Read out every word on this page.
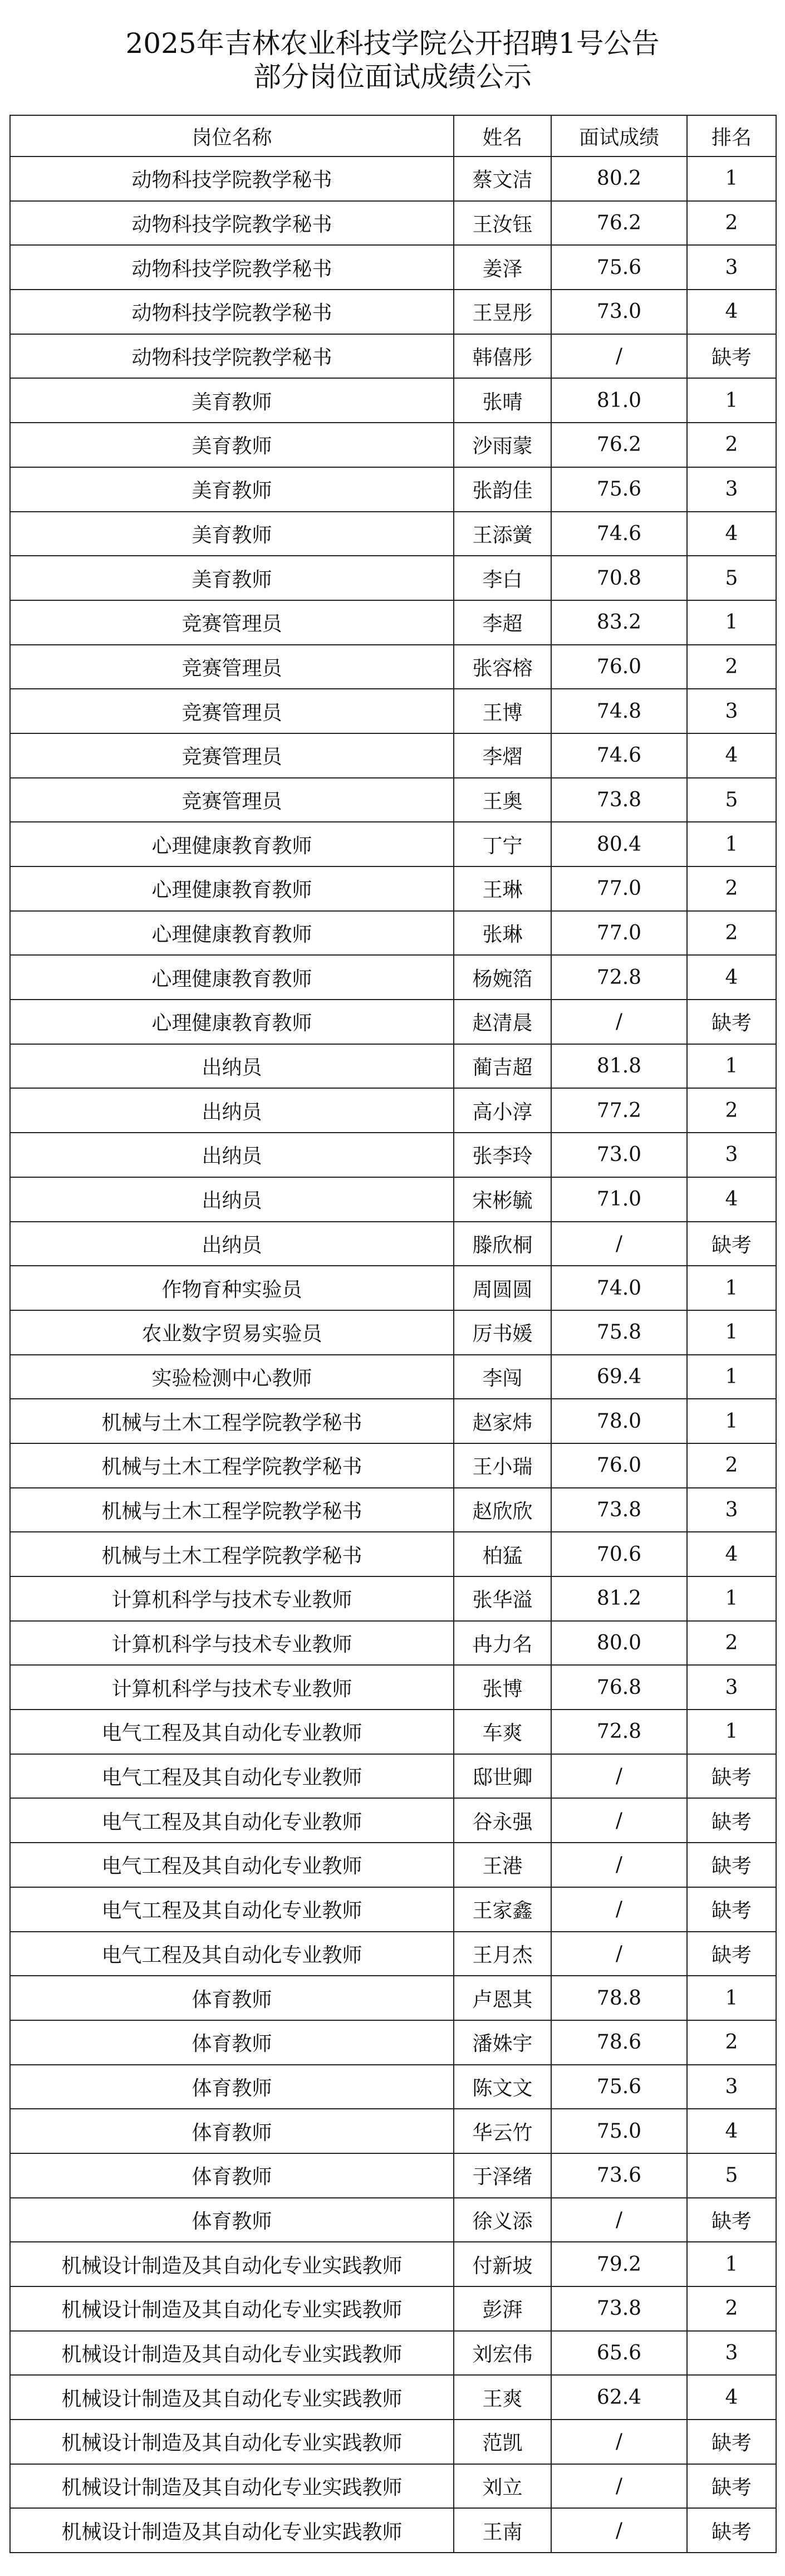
2025年吉林农业科技学院公开招聘1号公告
部分岗位面试成绩公示
岗位名称	姓名	面试成绩	排名
动物科技学院教学秘书	蔡文洁	80.2	1
动物科技学院教学秘书	王汝钰	76.2	2
动物科技学院教学秘书	姜泽	75.6	3
动物科技学院教学秘书	王昱彤	73.0	4
动物科技学院教学秘书	韩僖彤	/	缺考
美育教师	张晴	81.0	1
美育教师	沙雨蒙	76.2	2
美育教师	张韵佳	75.6	3
美育教师	王添黉	74.6	4
美育教师	李白	70.8	5
竞赛管理员	李超	83.2	1
竞赛管理员	张容榕	76.0	2
竞赛管理员	王博	74.8	3
竞赛管理员	李熠	74.6	4
竞赛管理员	王奥	73.8	5
心理健康教育教师	丁宁	80.4	1
心理健康教育教师	王琳	77.0	2
心理健康教育教师	张琳	77.0	2
心理健康教育教师	杨婉箔	72.8	4
心理健康教育教师	赵清晨	/	缺考
出纳员	蔺吉超	81.8	1
出纳员	高小淳	77.2	2
出纳员	张李玲	73.0	3
出纳员	宋彬毓	71.0	4
出纳员	滕欣桐	/	缺考
作物育种实验员	周圆圆	74.0	1
农业数字贸易实验员	厉书媛	75.8	1
实验检测中心教师	李闯	69.4	1
机械与土木工程学院教学秘书	赵家炜	78.0	1
机械与土木工程学院教学秘书	王小瑞	76.0	2
机械与土木工程学院教学秘书	赵欣欣	73.8	3
机械与土木工程学院教学秘书	柏猛	70.6	4
计算机科学与技术专业教师	张华溢	81.2	1
计算机科学与技术专业教师	冉力名	80.0	2
计算机科学与技术专业教师	张博	76.8	3
电气工程及其自动化专业教师	车爽	72.8	1
电气工程及其自动化专业教师	邸世卿	/	缺考
电气工程及其自动化专业教师	谷永强	/	缺考
电气工程及其自动化专业教师	王港	/	缺考
电气工程及其自动化专业教师	王家鑫	/	缺考
电气工程及其自动化专业教师	王月杰	/	缺考
体育教师	卢恩其	78.8	1
体育教师	潘姝宇	78.6	2
体育教师	陈文文	75.6	3
体育教师	华云竹	75.0	4
体育教师	于泽绪	73.6	5
体育教师	徐义添	/	缺考
机械设计制造及其自动化专业实践教师	付新坡	79.2	1
机械设计制造及其自动化专业实践教师	彭湃	73.8	2
机械设计制造及其自动化专业实践教师	刘宏伟	65.6	3
机械设计制造及其自动化专业实践教师	王爽	62.4	4
机械设计制造及其自动化专业实践教师	范凯	/	缺考
机械设计制造及其自动化专业实践教师	刘立	/	缺考
机械设计制造及其自动化专业实践教师	王南	/	缺考
